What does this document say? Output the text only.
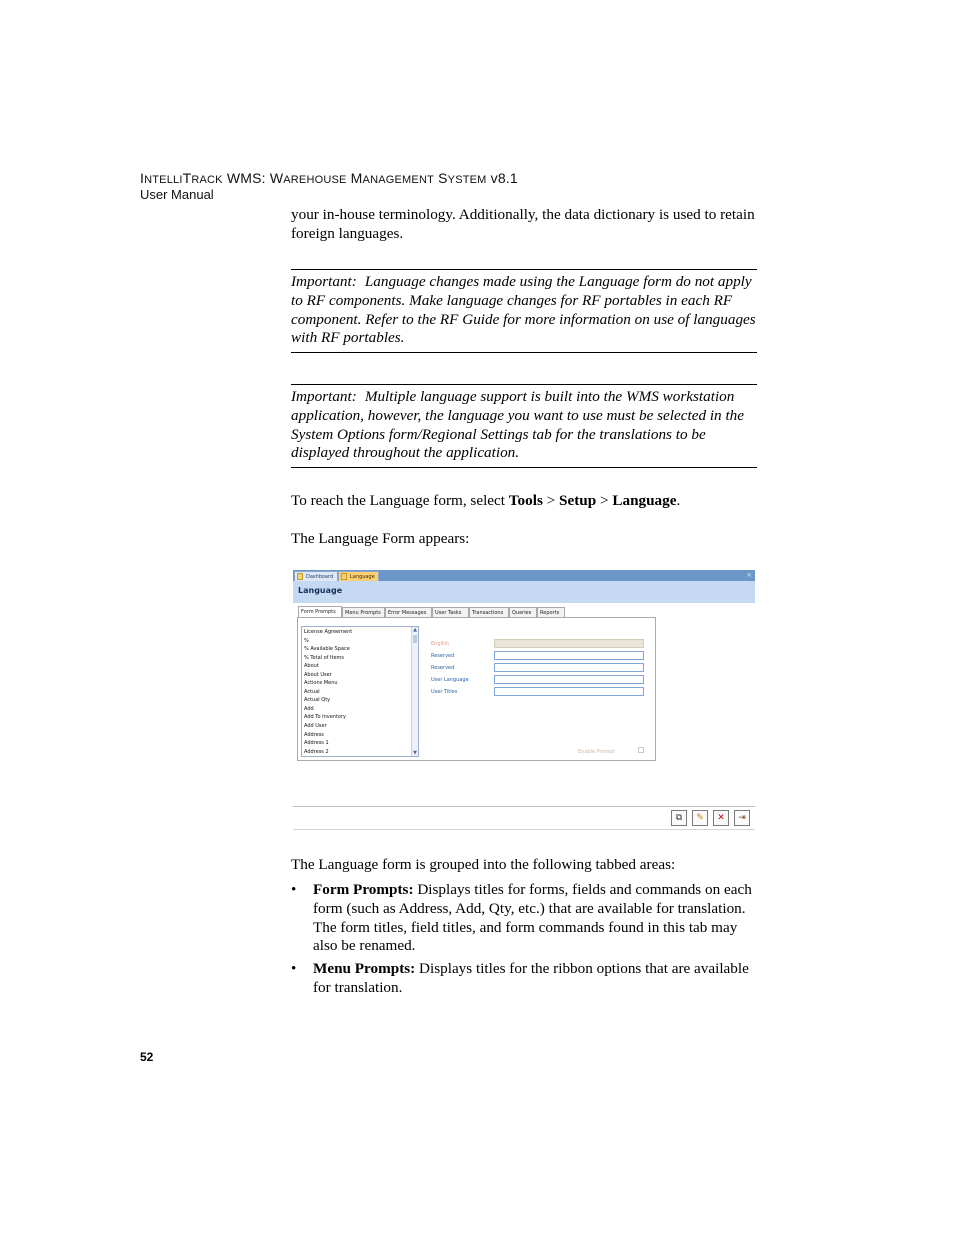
INTELLITRACK WMS: WAREHOUSE MANAGEMENT SYSTEM v8.1
User Manual
your in-house terminology. Additionally, the data dictionary is used to retain foreign languages.
Important: Language changes made using the Language form do not apply to RF components. Make language changes for RF portables in each RF component. Refer to the RF Guide for more information on use of languages with RF portables.
Important: Multiple language support is built into the WMS workstation application, however, the language you want to use must be selected in the System Options form/Regional Settings tab for the translations to be displayed throughout the application.
To reach the Language form, select Tools > Setup > Language.
The Language Form appears:
Dashboard	Language	×
Language
Form Prompts	Menu Prompts	Error Messages	User Tasks	Transactions	Queries	Reports
License Agreement
%
% Available Space
% Total of Items
About
About User
Actions Menu
Actual
Actual Qty
Add
Add To Inventory
Add User
Address
Address 1
Address 2
▲
▼
English
Reserved
Reserved
User Language
User Titles
Enable Prompt
⧉	✎	✕	⇥
The Language form is grouped into the following tabbed areas:
• Form Prompts: Displays titles for forms, fields and commands on each form (such as Address, Add, Qty, etc.) that are available for translation. The form titles, field titles, and form commands found in this tab may also be renamed.
• Menu Prompts: Displays titles for the ribbon options that are available for translation.
52
